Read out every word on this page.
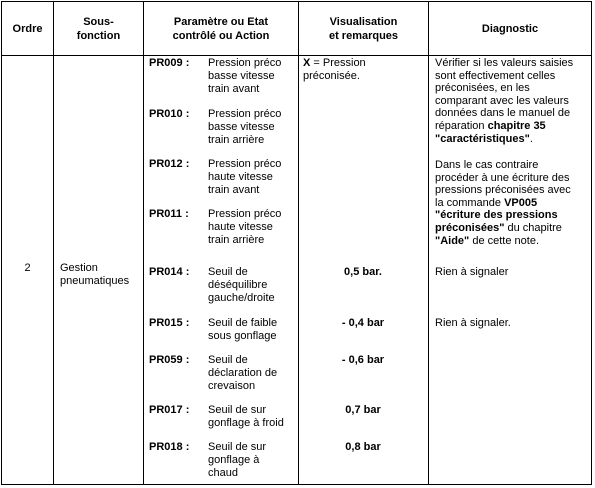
Ordre
Sous-
fonction
Paramètre ou Etat
contrôlé ou Action
Visualisation
et remarques
Diagnostic
2	Gestion
pneumatiques
PR009 :
PR010 :
PR012 :
PR011 :
PR014 :
PR015 :
PR059 :
PR017 :
PR018 :
Pression préco
basse vitesse
train avant
Pression préco
basse vitesse
train arrière
Pression préco
haute vitesse
train avant
Pression préco
haute vitesse
train arrière
Seuil de
déséquilibre
gauche/droite
Seuil de faible
sous gonflage
Seuil de
déclaration de
crevaison
Seuil de sur
gonflage à froid
Seuil de sur
gonflage à
chaud
X = Pression
préconisée.
0,5 bar.
- 0,4 bar
- 0,6 bar
0,7 bar
0,8 bar
Vérifier si les valeurs saisies
sont effectivement celles
préconisées, en les
comparant avec les valeurs
données dans le manuel de
réparation chapitre 35
"caractéristiques".
Dans le cas contraire
procéder à une écriture des
pressions préconisées avec
la commande VP005
"écriture des pressions
préconisées" du chapitre
"Aide" de cette note.
Rien à signaler
Rien à signaler.
